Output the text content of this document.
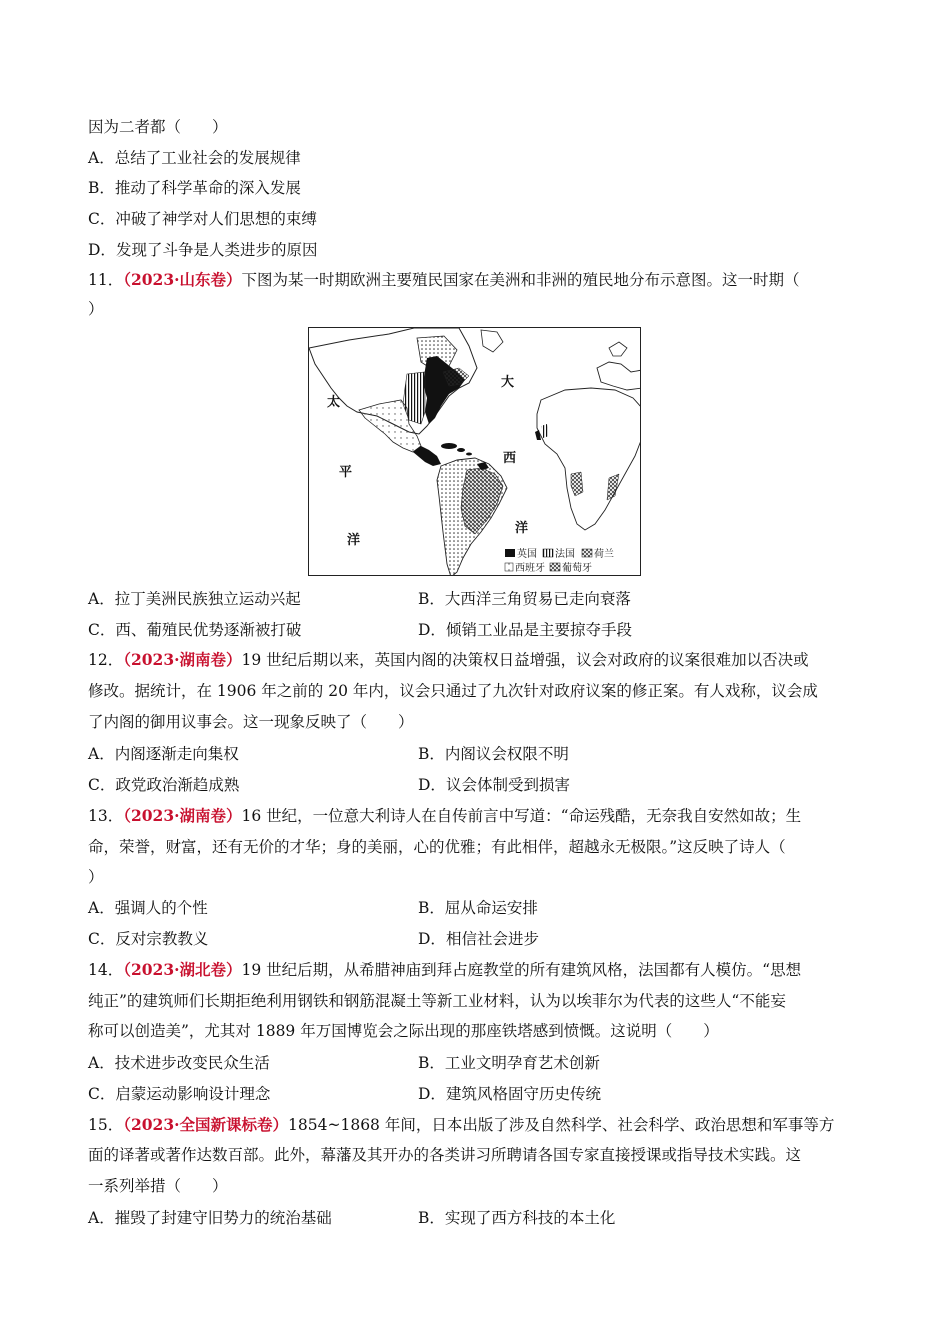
因为二者都（　　）
A．总结了工业社会的发展规律
B．推动了科学革命的深入发展
C．冲破了神学对人们思想的束缚
D．发现了斗争是人类进步的原因
11．（2023·山东卷）下图为某一时期欧洲主要殖民国家在美洲和非洲的殖民地分布示意图。这一时期（
）
太
平
洋
大
西
洋
英国 法国 荷兰
西班牙 葡萄牙
A．拉丁美洲民族独立运动兴起	B．大西洋三角贸易已走向衰落
C．西、葡殖民优势逐渐被打破	D．倾销工业品是主要掠夺手段
12．（2023·湖南卷）19 世纪后期以来，英国内阁的决策权日益增强，议会对政府的议案很难加以否决或
修改。据统计，在 1906 年之前的 20 年内，议会只通过了九次针对政府议案的修正案。有人戏称，议会成
了内阁的御用议事会。这一现象反映了（　　）
A．内阁逐渐走向集权	B．内阁议会权限不明
C．政党政治渐趋成熟	D．议会体制受到损害
13．（2023·湖南卷）16 世纪，一位意大利诗人在自传前言中写道：“命运残酷，无奈我自安然如故；生
命，荣誉，财富，还有无价的才华；身的美丽，心的优雅；有此相伴，超越永无极限。”这反映了诗人（
）
A．强调人的个性	B．屈从命运安排
C．反对宗教教义	D．相信社会进步
14．（2023·湖北卷）19 世纪后期，从希腊神庙到拜占庭教堂的所有建筑风格，法国都有人模仿。“思想
纯正”的建筑师们长期拒绝利用钢铁和钢筋混凝土等新工业材料，认为以埃菲尔为代表的这些人“不能妄
称可以创造美”，尤其对 1889 年万国博览会之际出现的那座铁塔感到愤慨。这说明（　　）
A．技术进步改变民众生活	B．工业文明孕育艺术创新
C．启蒙运动影响设计理念	D．建筑风格固守历史传统
15．（2023·全国新课标卷）1854~1868 年间，日本出版了涉及自然科学、社会科学、政治思想和军事等方
面的译著或著作达数百部。此外，幕藩及其开办的各类讲习所聘请各国专家直接授课或指导技术实践。这
一系列举措（　　）
A．摧毁了封建守旧势力的统治基础	B．实现了西方科技的本土化
